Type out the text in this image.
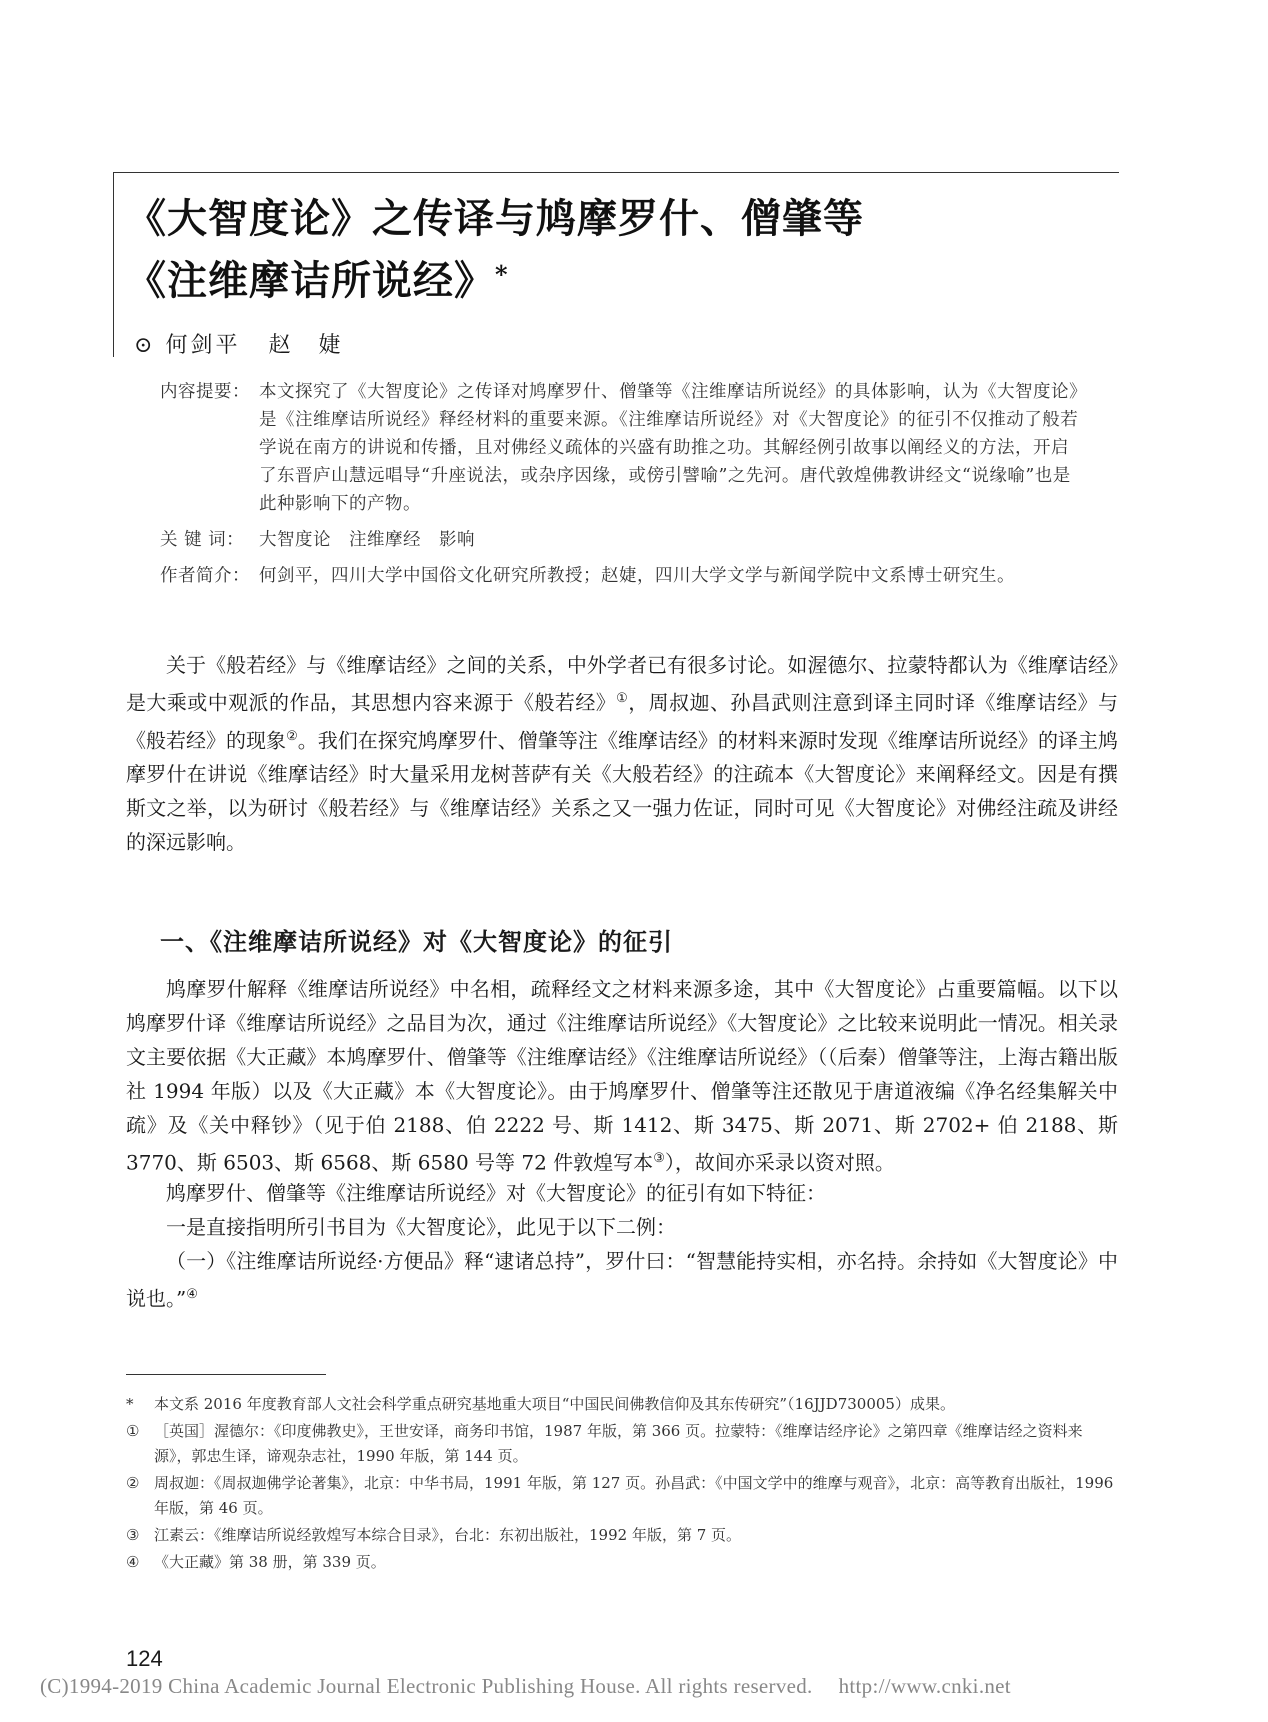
《大智度论》之传译与鸠摩罗什、僧肇等
《注维摩诘所说经》*
⊙ 何剑平 赵　婕
内容提要： 本文探究了《大智度论》之传译对鸠摩罗什、僧肇等《注维摩诘所说经》的具体影响，认为《大智度论》是《注维摩诘所说经》释经材料的重要来源。《注维摩诘所说经》对《大智度论》的征引不仅推动了般若学说在南方的讲说和传播，且对佛经义疏体的兴盛有助推之功。其解经例引故事以阐经义的方法，开启了东晋庐山慧远唱导“升座说法，或杂序因缘，或傍引譬喻”之先河。唐代敦煌佛教讲经文“说缘喻”也是此种影响下的产物。
关 键 词： 大智度论　注维摩经　影响
作者简介： 何剑平，四川大学中国俗文化研究所教授；赵婕，四川大学文学与新闻学院中文系博士研究生。
关于《般若经》与《维摩诘经》之间的关系，中外学者已有很多讨论。如渥德尔、拉蒙特都认为《维摩诘经》是大乘或中观派的作品，其思想内容来源于《般若经》①，周叔迦、孙昌武则注意到译主同时译《维摩诘经》与《般若经》的现象②。我们在探究鸠摩罗什、僧肇等注《维摩诘经》的材料来源时发现《维摩诘所说经》的译主鸠摩罗什在讲说《维摩诘经》时大量采用龙树菩萨有关《大般若经》的注疏本《大智度论》来阐释经文。因是有撰斯文之举，以为研讨《般若经》与《维摩诘经》关系之又一强力佐证，同时可见《大智度论》对佛经注疏及讲经的深远影响。
一、《注维摩诘所说经》对《大智度论》的征引
鸠摩罗什解释《维摩诘所说经》中名相，疏释经文之材料来源多途，其中《大智度论》占重要篇幅。以下以鸠摩罗什译《维摩诘所说经》之品目为次，通过《注维摩诘所说经》《大智度论》之比较来说明此一情况。相关录文主要依据《大正藏》本鸠摩罗什、僧肇等《注维摩诘经》《注维摩诘所说经》（（后秦）僧肇等注，上海古籍出版社 1994 年版）以及《大正藏》本《大智度论》。由于鸠摩罗什、僧肇等注还散见于唐道液编《净名经集解关中疏》及《关中释钞》（见于伯 2188、伯 2222 号、斯 1412、斯 3475、斯 2071、斯 2702+ 伯 2188、斯 3770、斯 6503、斯 6568、斯 6580 号等 72 件敦煌写本③），故间亦采录以资对照。
鸠摩罗什、僧肇等《注维摩诘所说经》对《大智度论》的征引有如下特征：
一是直接指明所引书目为《大智度论》，此见于以下二例：
（一）《注维摩诘所说经·方便品》释“逮诸总持”，罗什曰：“智慧能持实相，亦名持。余持如《大智度论》中说也。”④
*	本文系 2016 年度教育部人文社会科学重点研究基地重大项目“中国民间佛教信仰及其东传研究”（16JJD730005）成果。
① ［英国］渥德尔：《印度佛教史》，王世安译，商务印书馆，1987 年版，第 366 页。拉蒙特：《维摩诘经序论》之第四章《维摩诘经之资料来源》，郭忠生译，谛观杂志社，1990 年版，第 144 页。
② 周叔迦：《周叔迦佛学论著集》，北京：中华书局，1991 年版，第 127 页。孙昌武：《中国文学中的维摩与观音》，北京：高等教育出版社，1996 年版，第 46 页。
③ 江素云：《维摩诘所说经敦煌写本综合目录》，台北：东初出版社，1992 年版，第 7 页。
④ 《大正藏》第 38 册，第 339 页。
124
(C)1994-2019 China Academic Journal Electronic Publishing House. All rights reserved. http://www.cnki.net
